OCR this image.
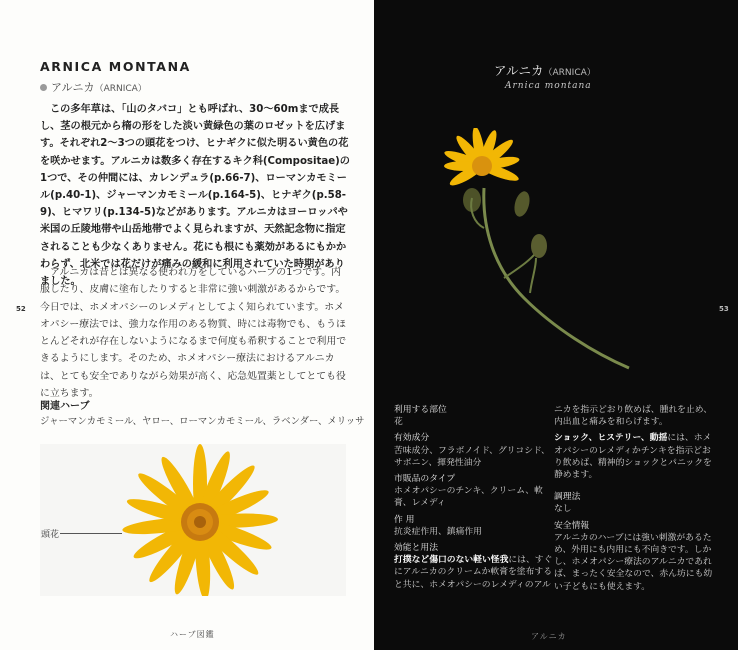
ARNICA MONTANA
アルニカ（ARNICA）

この多年草は、「山のタバコ」とも呼ばれ、30～60mまで成長し、茎の根元から楕の形をした淡い黄緑色の葉のロゼットを広げます。それぞれ2～3つの頭花をつけ、ヒナギクに似た明るい黄色の花を咲かせます。アルニカは数多く存在するキク科(Compositae)の1つで、その仲間には、カレンデュラ(p.66-7)、ローマンカモミール(p.40-1)、ジャーマンカモミール(p.164-5)、ヒナギク(p.58-9)、ヒマワリ(p.134-5)などがあります。アルニカはヨーロッパや米国の丘陵地帯や山岳地帯でよく見られますが、天然記念物に指定されることも少なくありません。花にも根にも薬効があるにもかかわらず、北米では花だけが痛みの緩和に利用されていた時期がありました。

アルニカは昔とは異なる使われ方をしているハーブの1つです。内服したり、皮膚に塗布したりすると非常に強い刺激があるからです。今日では、ホメオパシーのレメディとしてよく知られています。ホメオパシー療法では、強力な作用のある物質、時には毒物でも、もうほとんどそれが存在しないようになるまで何度も希釈することで利用できるようにします。そのため、ホメオパシー療法におけるアルニカは、とても安全でありながら効果が高く、応急処置薬としてとても役に立ちます。

関連ハーブ
ジャーマンカモミール、ヤロー、ローマンカモミール、ラベンダー、メリッサ
頭花
52
ハーブ図鑑
アルニカ（ARNICA）
Arnica montana
53
利用する部位
花
有効成分
苦味成分、フラボノイド、グリコシド、サポニン、揮発性油分
市販品のタイプ
ホメオパシーのチンキ、クリーム、軟膏、レメディ
作 用
抗炎症作用、鎮痛作用
効能と用法
打撲など傷口のない軽い怪我には、すぐにアルニカのクリームか軟膏を塗布すると共に、ホメオパシーのレメディのアル
ニカを指示どおり飲めば、腫れを止め、内出血と痛みを和らげます。
ショック、ヒステリー、動揺には、ホメオパシーのレメディかチンキを指示どおり飲めば、精神的ショックとパニックを静めます。
調理法
なし
安全情報
アルニカのハーブには強い刺激があるため、外用にも内用にも不向きです。しかし、ホメオパシー療法のアルニカであれば、まったく安全なので、赤ん坊にも幼い子どもにも使えます。
アルニカ
